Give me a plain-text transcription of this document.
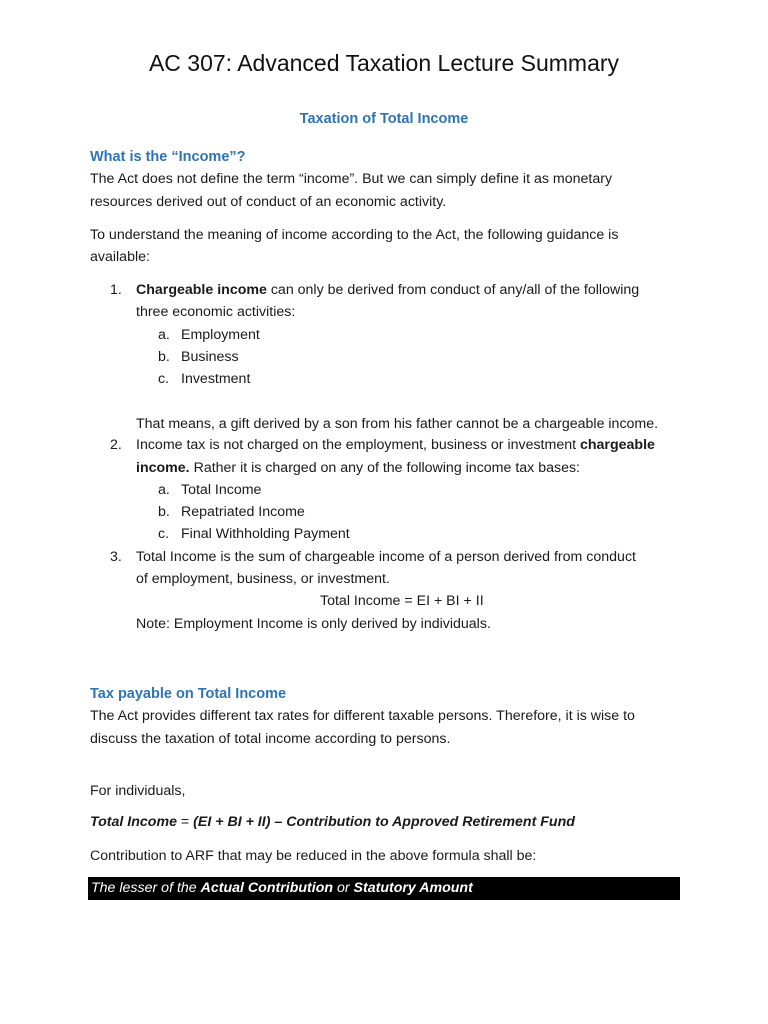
AC 307: Advanced Taxation Lecture Summary
Taxation of Total Income
What is the “Income”?
The Act does not define the term “income”. But we can simply define it as monetary
resources derived out of conduct of an economic activity.
To understand the meaning of income according to the Act, the following guidance is
available:
1. Chargeable income can only be derived from conduct of any/all of the following
three economic activities:
a. Employment
b. Business
c. Investment
That means, a gift derived by a son from his father cannot be a chargeable income.
2. Income tax is not charged on the employment, business or investment chargeable
income. Rather it is charged on any of the following income tax bases:
a. Total Income
b. Repatriated Income
c. Final Withholding Payment
3. Total Income is the sum of chargeable income of a person derived from conduct
of employment, business, or investment.
Total Income = EI + BI + II
Note: Employment Income is only derived by individuals.
Tax payable on Total Income
The Act provides different tax rates for different taxable persons. Therefore, it is wise to
discuss the taxation of total income according to persons.
For individuals,
Total Income = (EI + BI + II) – Contribution to Approved Retirement Fund
Contribution to ARF that may be reduced in the above formula shall be:
The lesser of the Actual Contribution or Statutory Amount
